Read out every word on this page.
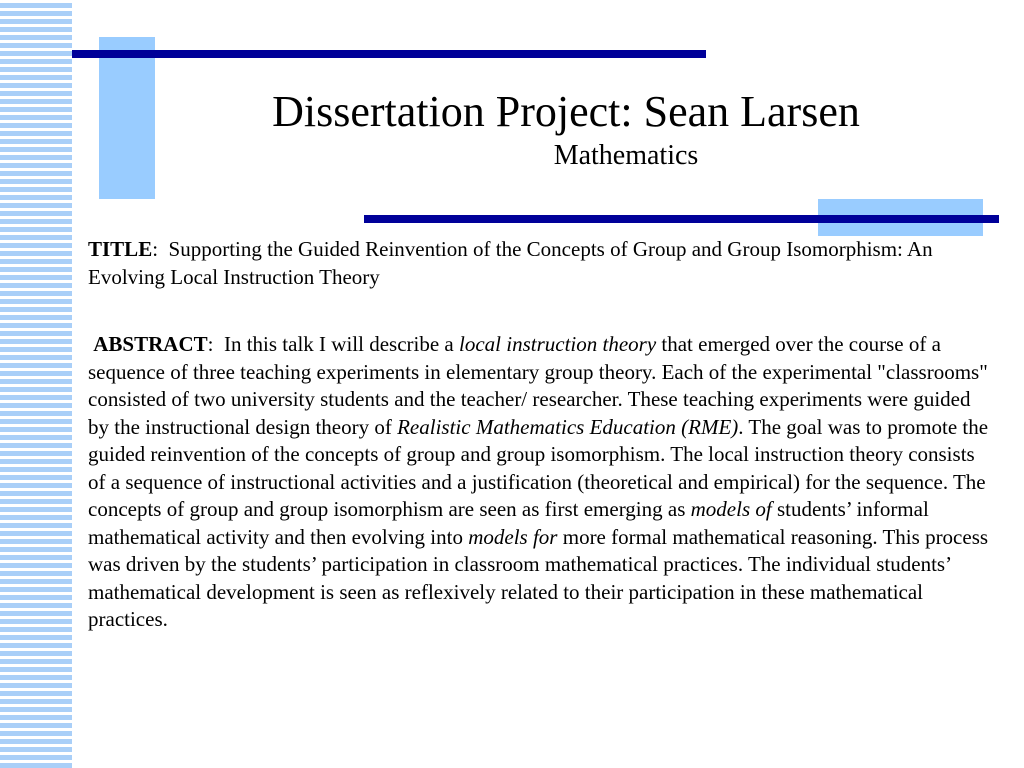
Dissertation Project: Sean Larsen
Mathematics

TITLE:  Supporting the Guided Reinvention of the Concepts of Group and Group Isomorphism: An Evolving Local Instruction Theory

ABSTRACT:  In this talk I will describe a local instruction theory that emerged over the course of a sequence of three teaching experiments in elementary group theory. Each of the experimental "classrooms" consisted of two university students and the teacher/ researcher. These teaching experiments were guided by the instructional design theory of Realistic Mathematics Education (RME). The goal was to promote the guided reinvention of the concepts of group and group isomorphism. The local instruction theory consists of a sequence of instructional activities and a justification (theoretical and empirical) for the sequence. The concepts of group and group isomorphism are seen as first emerging as models of students’ informal mathematical activity and then evolving into models for more formal mathematical reasoning. This process was driven by the students’ participation in classroom mathematical practices. The individual students’ mathematical development is seen as reflexively related to their participation in these mathematical practices.
